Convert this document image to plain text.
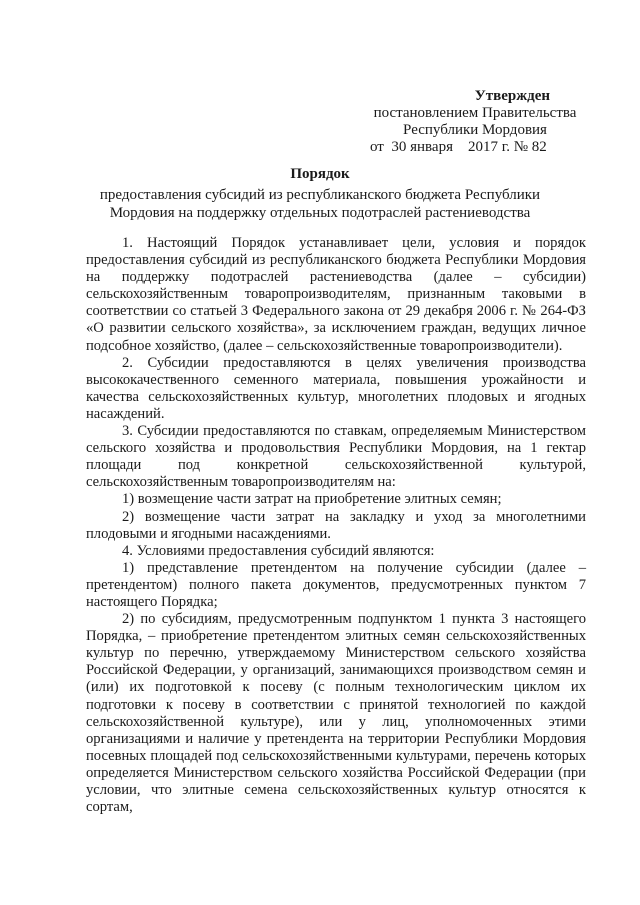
Утвержден
постановлением Правительства
Республики Мордовия
от 30 января 2017 г. № 82
Порядок
предоставления субсидий из республиканского бюджета Республики Мордовия на поддержку отдельных подотраслей растениеводства

1. Настоящий Порядок устанавливает цели, условия и порядок предоставления субсидий из республиканского бюджета Республики Мордовия на поддержку подотраслей растениеводства (далее – субсидии) сельскохозяйственным товаропроизводителям, признанным таковыми в соответствии со статьей 3 Федерального закона от 29 декабря 2006 г. № 264-ФЗ «О развитии сельского хозяйства», за исключением граждан, ведущих личное подсобное хозяйство, (далее – сельскохозяйственные товаропроизводители).

2. Субсидии предоставляются в целях увеличения производства высококачественного семенного материала, повышения урожайности и качества сельскохозяйственных культур, многолетних плодовых и ягодных насаждений.

3. Субсидии предоставляются по ставкам, определяемым Министерством сельского хозяйства и продовольствия Республики Мордовия, на 1 гектар площади под конкретной сельскохозяйственной культурой, сельскохозяйственным товаропроизводителям на:

1) возмещение части затрат на приобретение элитных семян;

2) возмещение части затрат на закладку и уход за многолетними плодовыми и ягодными насаждениями.

4. Условиями предоставления субсидий являются:

1) представление претендентом на получение субсидии (далее – претендентом) полного пакета документов, предусмотренных пунктом 7 настоящего Порядка;

2) по субсидиям, предусмотренным подпунктом 1 пункта 3 настоящего Порядка, – приобретение претендентом элитных семян сельскохозяйственных культур по перечню, утверждаемому Министерством сельского хозяйства Российской Федерации, у организаций, занимающихся производством семян и (или) их подготовкой к посеву (с полным технологическим циклом их подготовки к посеву в соответствии с принятой технологией по каждой сельскохозяйственной культуре), или у лиц, уполномоченных этими организациями и наличие у претендента на территории Республики Мордовия посевных площадей под сельскохозяйственными культурами, перечень которых определяется Министерством сельского хозяйства Российской Федерации (при условии, что элитные семена сельскохозяйственных культур относятся к сортам,
